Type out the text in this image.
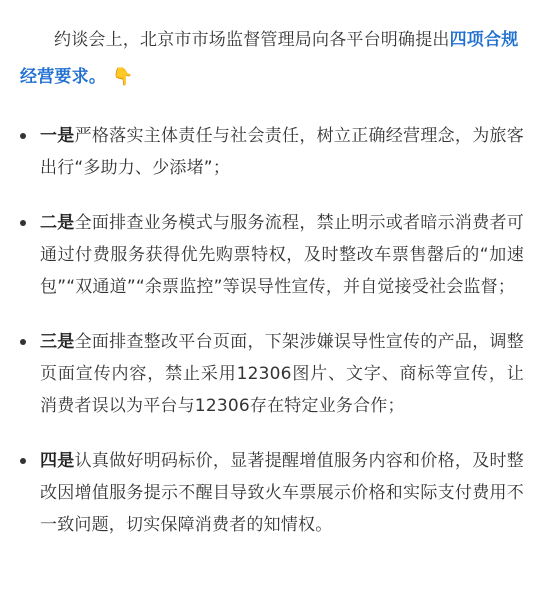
约谈会上，北京市市场监督管理局向各平台明确提出四项合规经营要求。 👇

一是严格落实主体责任与社会责任，树立正确经营理念，为旅客出行“多助力、少添堵”；
二是全面排查业务模式与服务流程，禁止明示或者暗示消费者可通过付费服务获得优先购票特权，及时整改车票售罄后的“加速包”“双通道”“余票监控”等误导性宣传，并自觉接受社会监督；
三是全面排查整改平台页面，下架涉嫌误导性宣传的产品，调整页面宣传内容，禁止采用12306图片、文字、商标等宣传，让消费者误以为平台与12306存在特定业务合作；
四是认真做好明码标价，显著提醒增值服务内容和价格，及时整改因增值服务提示不醒目导致火车票展示价格和实际支付费用不一致问题，切实保障消费者的知情权。
